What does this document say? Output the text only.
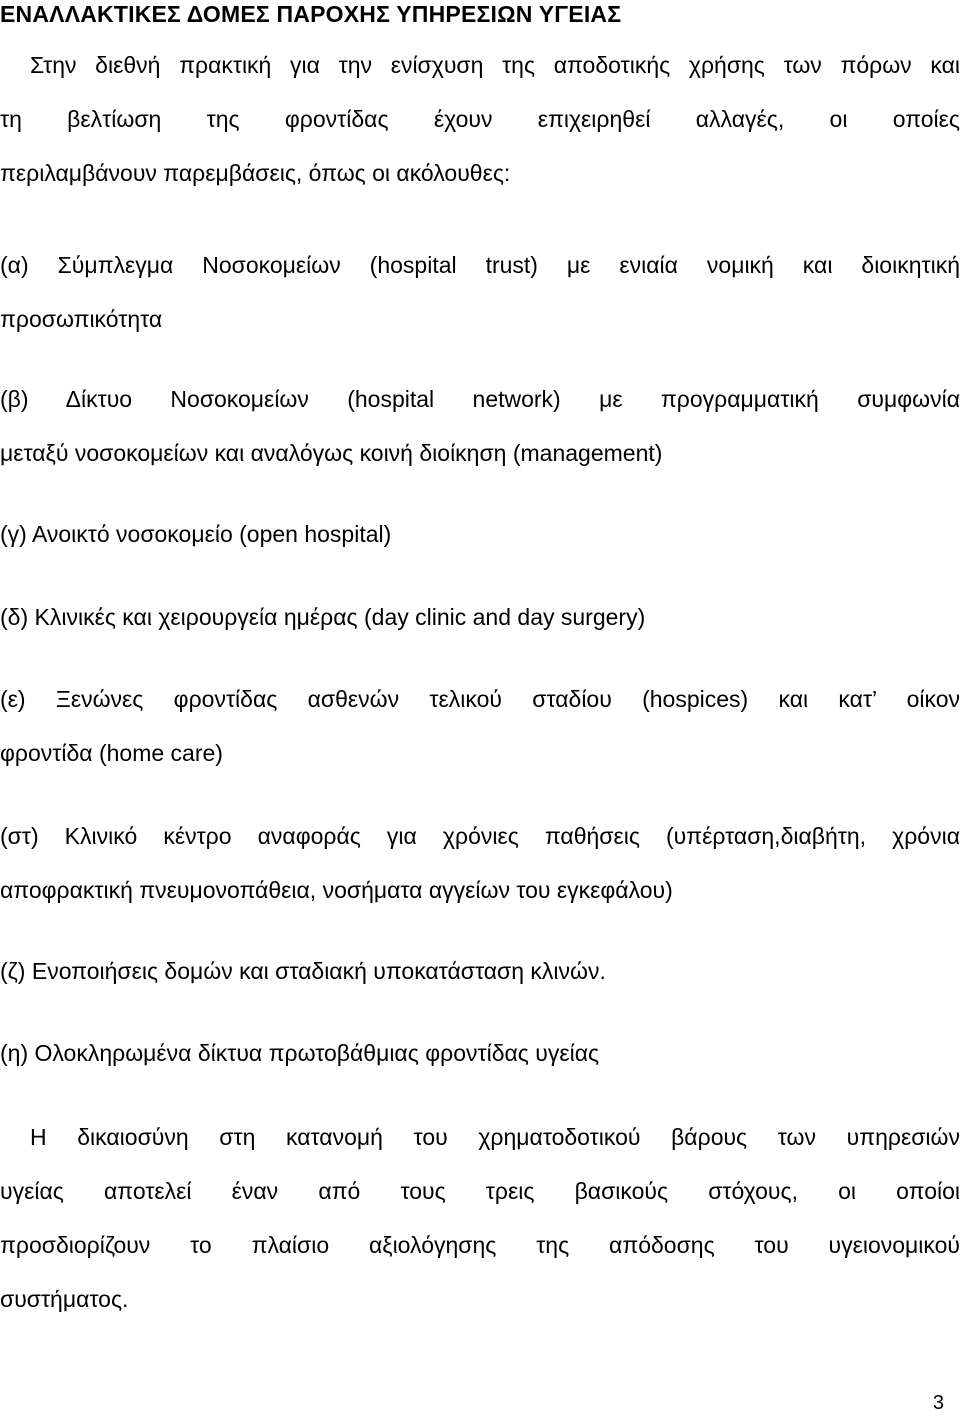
ΕΝΑΛΛΑΚΤΙΚΕΣ ΔΟΜΕΣ ΠΑΡΟΧΗΣ ΥΠΗΡΕΣΙΩΝ ΥΓΕΙΑΣ
Στην διεθνή πρακτική για την ενίσχυση της αποδοτικής χρήσης των πόρων και
τη βελτίωση της φροντίδας έχουν επιχειρηθεί αλλαγές, οι οποίες
περιλαμβάνουν παρεμβάσεις, όπως οι ακόλουθες:
(α) Σύμπλεγμα Νοσοκομείων (hospital trust) με ενιαία νομική και διοικητική
προσωπικότητα
(β) Δίκτυο Νοσοκομείων (hospital network) με προγραμματική συμφωνία
μεταξύ νοσοκομείων και αναλόγως κοινή διοίκηση (management)
(γ) Ανοικτό νοσοκομείο (open hospital)
(δ) Κλινικές και χειρουργεία ημέρας (day clinic and day surgery)
(ε) Ξενώνες φροντίδας ασθενών τελικού σταδίου (hospices) και κατ’ οίκον
φροντίδα (home care)
(στ) Κλινικό κέντρο αναφοράς για χρόνιες παθήσεις (υπέρταση,διαβήτη, χρόνια
αποφρακτική πνευμονοπάθεια, νοσήματα αγγείων του εγκεφάλου)
(ζ) Ενοποιήσεις δομών και σταδιακή υποκατάσταση κλινών.
(η) Ολοκληρωμένα δίκτυα πρωτοβάθμιας φροντίδας υγείας
Η δικαιοσύνη στη κατανομή του χρηματοδοτικού βάρους των υπηρεσιών
υγείας αποτελεί έναν από τους τρεις βασικούς στόχους, οι οποίοι
προσδιορίζουν το πλαίσιο αξιολόγησης της απόδοσης του υγειονομικού
συστήματος.
3
